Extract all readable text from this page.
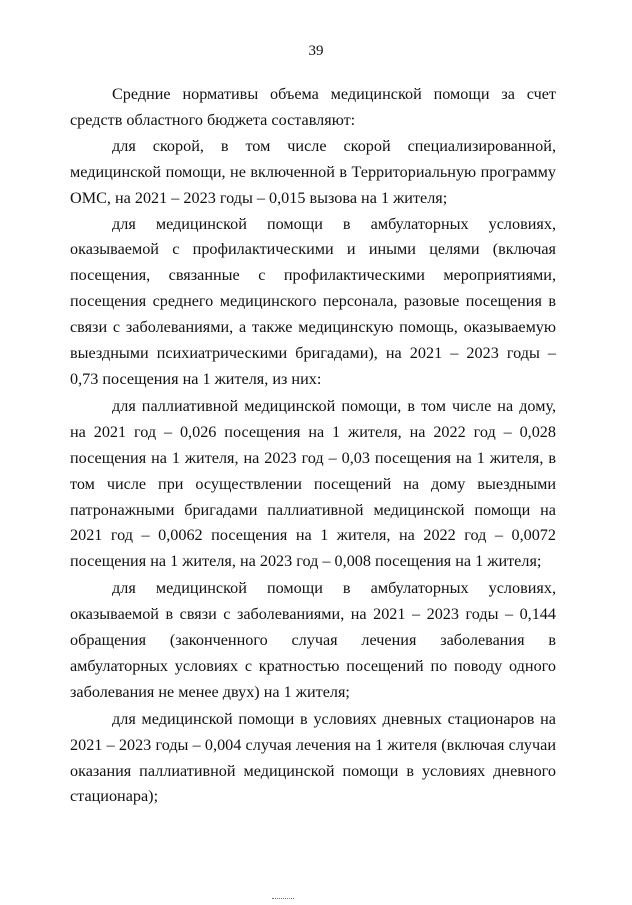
39

Средние нормативы объема медицинской помощи за счет средств областного бюджета составляют:

для скорой, в том числе скорой специализированной, медицинской помощи, не включенной в Территориальную программу ОМС, на 2021 – 2023 годы – 0,015 вызова на 1 жителя;

для медицинской помощи в амбулаторных условиях, оказываемой с профилактическими и иными целями (включая посещения, связанные с профилактическими мероприятиями, посещения среднего медицинского персонала, разовые посещения в связи с заболеваниями, а также медицинскую помощь, оказываемую выездными психиатрическими бригадами), на 2021 – 2023 годы – 0,73 посещения на 1 жителя, из них:

для паллиативной медицинской помощи, в том числе на дому, на 2021 год – 0,026 посещения на 1 жителя, на 2022 год – 0,028 посещения на 1 жителя, на 2023 год – 0,03 посещения на 1 жителя, в том числе при осуществлении посещений на дому выездными патронажными бригадами паллиативной медицинской помощи на 2021 год – 0,0062 посещения на 1 жителя, на 2022 год – 0,0072 посещения на 1 жителя, на 2023 год – 0,008 посещения на 1 жителя;

для медицинской помощи в амбулаторных условиях, оказываемой в связи с заболеваниями, на 2021 – 2023 годы – 0,144 обращения (законченного случая лечения заболевания в амбулаторных условиях с кратностью посещений по поводу одного заболевания не менее двух) на 1 жителя;

для медицинской помощи в условиях дневных стационаров на 2021 – 2023 годы – 0,004 случая лечения на 1 жителя (включая случаи оказания паллиативной медицинской помощи в условиях дневного стационара);
